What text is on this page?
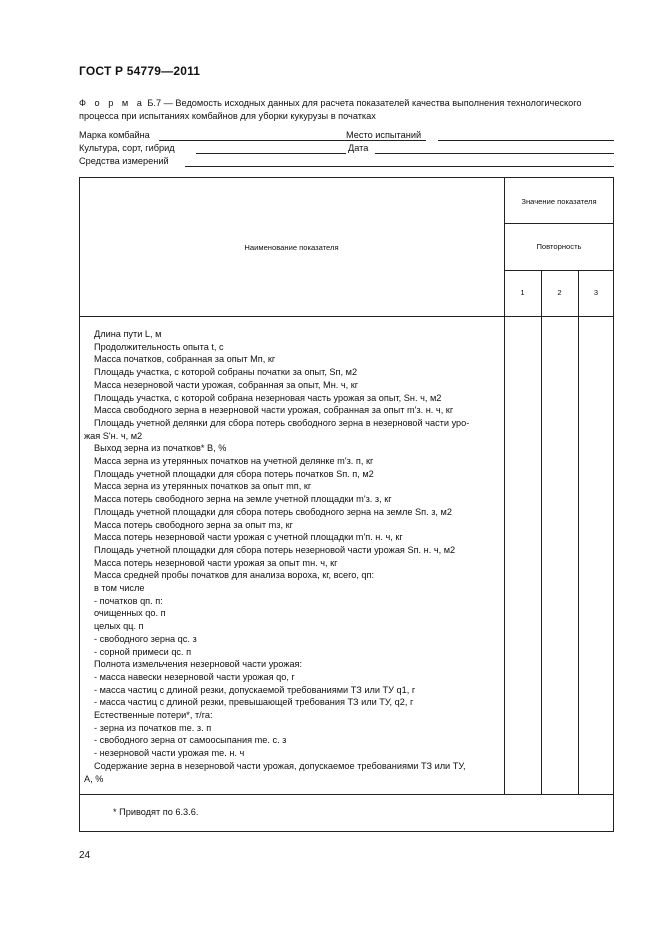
ГОСТ Р 54779—2011
Ф о р м а Б.7 — Ведомость исходных данных для расчета показателей качества выполнения технологического
процесса при испытаниях комбайнов для уборки кукурузы в початках
Марка комбайна	Место испытаний
Культура, сорт, гибрид	Дата
Средства измерений
Наименование показателя
Значение показателя
Повторность
1	2	3
Длина пути L, м
Продолжительность опыта t, с
Масса початков, собранная за опыт Mп, кг
Площадь участка, с которой собраны початки за опыт, Sп, м2
Масса незерновой части урожая, собранная за опыт, Mн. ч, кг
Площадь участка, с которой собрана незерновая часть урожая за опыт, Sн. ч, м2
Масса свободного зерна в незерновой части урожая, собранная за опыт m'з. н. ч, кг
Площадь учетной делянки для сбора потерь свободного зерна в незерновой части уро-
жая S'н. ч, м2
Выход зерна из початков* B, %
Масса зерна из утерянных початков на учетной делянке m'з. п, кг
Площадь учетной площадки для сбора потерь початков Sп. п, м2
Масса зерна из утерянных початков за опыт mп, кг
Масса потерь свободного зерна на земле учетной площадки m'з. з, кг
Площадь учетной площадки для сбора потерь свободного зерна на земле Sп. з, м2
Масса потерь свободного зерна за опыт mз, кг
Масса потерь незерновой части урожая с учетной площадки m'п. н. ч, кг
Площадь учетной площадки для сбора потерь незерновой части урожая Sп. н. ч, м2
Масса потерь незерновой части урожая за опыт mн. ч, кг
Масса средней пробы початков для анализа вороха, кг, всего, qп:
в том числе
- початков qп. п:
очищенных qо. п
целых qц. п
- свободного зерна qс. з
- сорной примеси qс. п
Полнота измельчения незерновой части урожая:
- масса навески незерновой части урожая qо, г
- масса частиц с длиной резки, допускаемой требованиями ТЗ или ТУ q1, г
- масса частиц с длиной резки, превышающей требования ТЗ или ТУ, q2, г
Естественные потери*, т/га:
- зерна из початков mе. з. п
- свободного зерна от самоосыпания mе. с. з
- незерновой части урожая mе. н. ч
Содержание зерна в незерновой части урожая, допускаемое требованиями ТЗ или ТУ,
A, %
* Приводят по 6.3.6.
24
